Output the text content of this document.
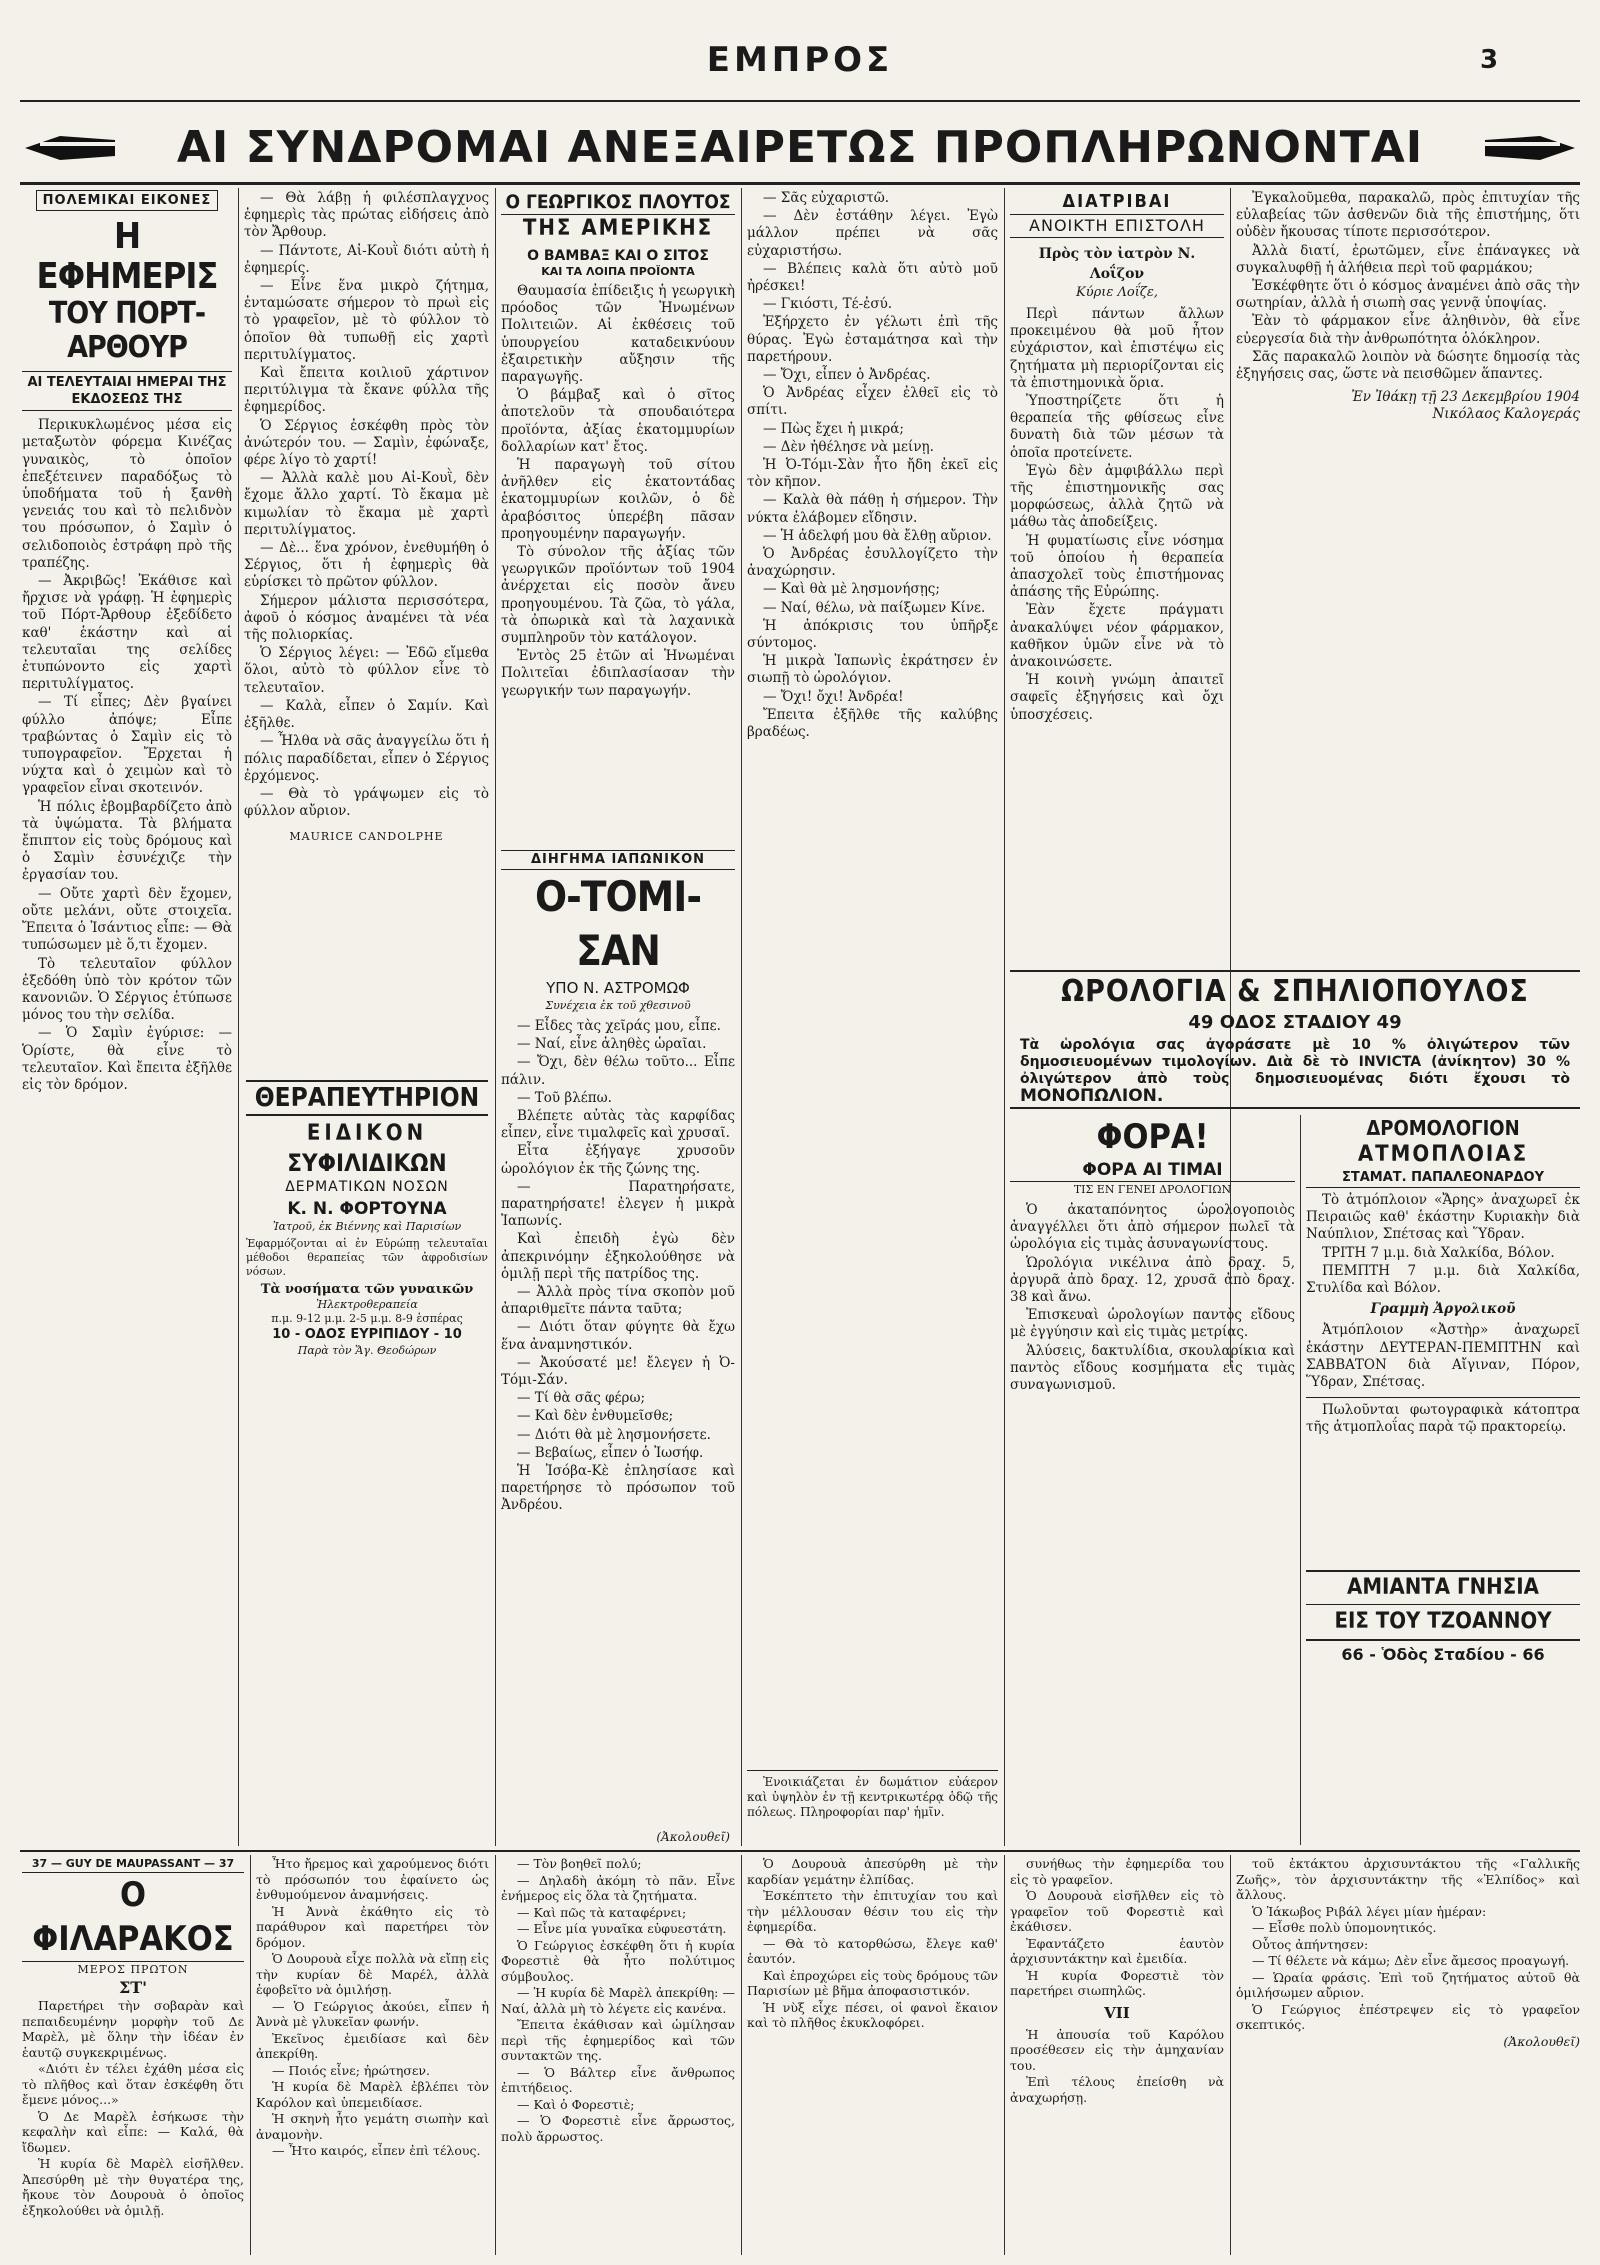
ΕΜΠΡΟΣ	3
ΑΙ ΣΥΝΔΡΟΜΑΙ ΑΝΕΞΑΙΡΕΤΩΣ ΠΡΟΠΛΗΡΩΝΟΝΤΑΙ
ΠΟΛΕΜΙΚΑΙ ΕΙΚΟΝΕΣ
Η ΕΦΗΜΕΡΙΣ
ΤΟΥ ΠΟΡΤ-ΑΡΘΟΥΡ
ΑΙ ΤΕΛΕΥΤΑΙΑΙ ΗΜΕΡΑΙ ΤΗΣ ΕΚΔΟΣΕΩΣ ΤΗΣ

Περικυκλωμένος μέσα εἰς μεταξωτὸν φόρεμα Κινέζας γυναικὸς, τὸ ὁποῖον ἐπεξέτεινεν παραδόξως τὸ ὑποδήματα τοῦ ἡ ξανθὴ γενειάς του καὶ τὸ πελιδνὸν του πρόσωπον, ὁ Σαμὶν ὁ σελιδοποιὸς ἐστράφη πρὸ τῆς τραπέζης.

— Ἀκριβῶς! Ἐκάθισε καὶ ἤρχισε νὰ γράφῃ. Ἡ ἐφημερὶς τοῦ Πόρτ-Ἄρθουρ ἐξεδίδετο καθ' ἑκάστην καὶ αἱ τελευταῖαι της σελίδες ἐτυπώνοντο εἰς χαρτὶ περιτυλίγματος.

— Τί εἶπες; Δὲν βγαίνει φύλλο ἀπόψε; Εἶπε τραβώντας ὁ Σαμὶν εἰς τὸ τυπογραφεῖον. Ἔρχεται ἡ νύχτα καὶ ὁ χειμὼν καὶ τὸ γραφεῖον εἶναι σκοτεινόν.

Ἡ πόλις ἐβομβαρδίζετο ἀπὸ τὰ ὑψώματα. Τὰ βλήματα ἔπιπτον εἰς τοὺς δρόμους καὶ ὁ Σαμὶν ἐσυνέχιζε τὴν ἐργασίαν του.

— Οὔτε χαρτὶ δὲν ἔχομεν, οὔτε μελάνι, οὔτε στοιχεῖα. Ἔπειτα ὁ Ἰσάντιος εἶπε: — Θὰ τυπώσωμεν μὲ ὅ,τι ἔχομεν.

Τὸ τελευταῖον φύλλον ἐξεδόθη ὑπὸ τὸν κρότον τῶν κανονιῶν. Ὁ Σέργιος ἐτύπωσε μόνος του τὴν σελίδα.

— Ὁ Σαμὶν ἐγύρισε: — Ὁρίστε, θὰ εἶνε τὸ τελευταῖον. Καὶ ἔπειτα ἐξῆλθε εἰς τὸν δρόμον.

— Θὰ λάβῃ ἡ φιλέσπλαγχνος ἐφημερὶς τὰς πρώτας εἰδήσεις ἀπὸ τὸν Ἄρθουρ.

— Πάντοτε, Αἰ-Κουῒ διότι αὐτὴ ἡ ἐφημερίς.

— Εἶνε ἕνα μικρὸ ζήτημα, ἐνταμώσατε σήμερον τὸ πρωὶ εἰς τὸ γραφεῖον, μὲ τὸ φύλλον τὸ ὁποῖον θὰ τυπωθῇ εἰς χαρτὶ περιτυλίγματος.

Καὶ ἔπειτα κοιλιοῦ χάρτινον περιτύλιγμα τὰ ἔκανε φύλλα τῆς ἐφημερίδος.

Ὁ Σέργιος ἐσκέφθη πρὸς τὸν ἀνώτερόν του. — Σαμὶν, ἐφώναξε, φέρε λίγο τὸ χαρτί!

— Ἀλλὰ καλὲ μου Αἰ-Κουῒ, δὲν ἔχομε ἄλλο χαρτί. Τὸ ἔκαμα μὲ κιμωλίαν τὸ ἔκαμα μὲ χαρτὶ περιτυλίγματος.

— Δὲ... ἕνα χρόνον, ἐνεθυμήθη ὁ Σέργιος, ὅτι ἡ ἐφημερὶς θὰ εὑρίσκει τὸ πρῶτον φύλλον.

Σήμερον μάλιστα περισσότερα, ἀφοῦ ὁ κόσμος ἀναμένει τὰ νέα τῆς πολιορκίας.

Ὁ Σέργιος λέγει: — Ἐδῶ εἴμεθα ὅλοι, αὐτὸ τὸ φύλλον εἶνε τὸ τελευταῖον.

— Καλὰ, εἶπεν ὁ Σαμίν. Καὶ ἐξῆλθε.

— Ἦλθα νὰ σᾶς ἀναγγείλω ὅτι ἡ πόλις παραδίδεται, εἶπεν ὁ Σέργιος ἐρχόμενος.

— Θὰ τὸ γράψωμεν εἰς τὸ φύλλον αὔριον.

MAURICE CANDOLPHE
ΘΕΡΑΠΕΥΤΗΡΙΟΝ
ΕΙΔΙΚΟΝ
ΣΥΦΙΛΙΔΙΚΩΝ
ΔΕΡΜΑΤΙΚΩΝ ΝΟΣΩΝ
Κ. Ν. ΦΟΡΤΟΥΝΑ
Ἰατροῦ, ἐκ Βιέννης καὶ Παρισίων
Ἐφαρμόζονται αἱ ἐν Εὐρώπῃ τελευταῖαι μέθοδοι θεραπείας τῶν ἀφροδισίων νόσων.
Τὰ νοσήματα τῶν γυναικῶν
Ἠλεκτροθεραπεία
π.μ. 9-12 μ.μ. 2-5 μ.μ. 8-9 ἑσπέρας
10 - ΟΔΟΣ ΕΥΡΙΠΙΔΟΥ - 10
Παρὰ τὸν Ἅγ. Θεοδώρων
Ο ΓΕΩΡΓΙΚΟΣ ΠΛΟΥΤΟΣ
ΤΗΣ ΑΜΕΡΙΚΗΣ
Ο ΒΑΜΒΑΞ ΚΑΙ Ο ΣΙΤΟΣ
ΚΑΙ ΤΑ ΛΟΙΠΑ ΠΡΟΪΟΝΤΑ

Θαυμασία ἐπίδειξις ἡ γεωργικὴ πρόοδος τῶν Ἡνωμένων Πολιτειῶν. Αἱ ἐκθέσεις τοῦ ὑπουργείου καταδεικνύουν ἐξαιρετικὴν αὔξησιν τῆς παραγωγῆς.

Ὁ βάμβαξ καὶ ὁ σῖτος ἀποτελοῦν τὰ σπουδαιότερα προϊόντα, ἀξίας ἑκατομμυρίων δολλαρίων κατ' ἔτος.

Ἡ παραγωγὴ τοῦ σίτου ἀνῆλθεν εἰς ἑκατοντάδας ἑκατομμυρίων κοιλῶν, ὁ δὲ ἀραβόσιτος ὑπερέβη πᾶσαν προηγουμένην παραγωγήν.

Τὸ σύνολον τῆς ἀξίας τῶν γεωργικῶν προϊόντων τοῦ 1904 ἀνέρχεται εἰς ποσὸν ἄνευ προηγουμένου. Τὰ ζῶα, τὸ γάλα, τὰ ὀπωρικὰ καὶ τὰ λαχανικὰ συμπληροῦν τὸν κατάλογον.

Ἐντὸς 25 ἐτῶν αἱ Ἡνωμέναι Πολιτεῖαι ἐδιπλασίασαν τὴν γεωργικήν των παραγωγήν.

ΔΙΗΓΗΜΑ ΙΑΠΩΝΙΚΟΝ
Ο-ΤΟΜΙ-ΣΑΝ
ΥΠΟ Ν. ΑΣΤΡΟΜΩΦ
Συνέχεια ἐκ τοῦ χθεσινοῦ

— Εἶδες τὰς χεῖράς μου, εἶπε.

— Ναί, εἶνε ἀληθὲς ὡραῖαι.

— Ὄχι, δὲν θέλω τοῦτο... Εἶπε πάλιν.

— Τοῦ βλέπω.

Βλέπετε αὐτὰς τὰς καρφίδας εἶπεν, εἶνε τιμαλφεῖς καὶ χρυσαῖ.

Εἶτα ἐξήγαγε χρυσοῦν ὡρολόγιον ἐκ τῆς ζώνης της.

— Παρατηρήσατε, παρατηρήσατε! ἐλεγεν ἡ μικρὰ Ἰαπωνίς.

Καὶ ἐπειδὴ ἐγὼ δὲν ἀπεκρινόμην ἐξηκολούθησε νὰ ὁμιλῇ περὶ τῆς πατρίδος της.

— Ἀλλὰ πρὸς τίνα σκοπὸν μοῦ ἀπαριθμεῖτε πάντα ταῦτα;

— Διότι ὅταν φύγητε θὰ ἔχω ἕνα ἀναμνηστικόν.

— Ἀκούσατέ με! ἔλεγεν ἡ Ὀ-Τόμι-Σάν.

— Τί θὰ σᾶς φέρω;

— Καὶ δὲν ἐνθυμεῖσθε;

— Διότι θὰ μὲ λησμονήσετε.

— Βεβαίως, εἶπεν ὁ Ἰωσήφ.

Ἡ Ἰσόβα-Κὲ ἐπλησίασε καὶ παρετήρησε τὸ πρόσωπον τοῦ Ἀνδρέου.

— Σᾶς εὐχαριστῶ.

— Δὲν ἐστάθην λέγει. Ἐγὼ μάλλον πρέπει νὰ σᾶς εὐχαριστήσω.

— Βλέπεις καλὰ ὅτι αὐτὸ μοῦ ἠρέσκει!

— Γκιόστι, Τέ-ἐσύ.

Ἐξήρχετο ἐν γέλωτι ἐπὶ τῆς θύρας. Ἐγὼ ἐσταμάτησα καὶ τὴν παρετήρουν.

— Ὄχι, εἶπεν ὁ Ἀνδρέας.

Ὁ Ἀνδρέας εἶχεν ἐλθεῖ εἰς τὸ σπίτι.

— Πὼς ἔχει ἡ μικρά;

— Δὲν ἠθέλησε νὰ μείνῃ.

Ἡ Ὀ-Τόμι-Σὰν ἦτο ἤδη ἐκεῖ εἰς τὸν κῆπον.

— Καλὰ θὰ πάθῃ ἡ σήμερον. Τὴν νύκτα ἐλάβομεν εἴδησιν.

— Ἡ ἀδελφή μου θὰ ἔλθῃ αὔριον.

Ὁ Ἀνδρέας ἐσυλλογίζετο τὴν ἀναχώρησιν.

— Καὶ θὰ μὲ λησμονήσῃς;

— Ναί, θέλω, νὰ παίξωμεν Κίνε.

Ἡ ἀπόκρισις του ὑπῆρξε σύντομος.

Ἡ μικρὰ Ἰαπωνὶς ἐκράτησεν ἐν σιωπῇ τὸ ὡρολόγιον.

— Ὄχι! ὄχι! Ἀνδρέα!

Ἔπειτα ἐξῆλθε τῆς καλύβης βραδέως.

Ἐνοικιάζεται ἐν δωμάτιον εὐάερον καὶ ὑψηλὸν ἐν τῇ κεντρικωτέρᾳ ὁδῷ τῆς πόλεως. Πληροφορίαι παρ' ἡμῖν.

ΔΙΑΤΡΙΒΑΙ
ΑΝΟΙΚΤΗ ΕΠΙΣΤΟΛΗ
Πρὸς τὸν ἰατρὸν Ν. Λοΐζον
Κύριε Λοΐζε,

Περὶ πάντων ἄλλων προκειμένου θὰ μοῦ ἦτον εὐχάριστον, καὶ ἐπιστέψω εἰς ζητήματα μὴ περιορίζονται εἰς τὰ ἐπιστημονικὰ ὅρια.

Ὑποστηρίζετε ὅτι ἡ θεραπεία τῆς φθίσεως εἶνε δυνατὴ διὰ τῶν μέσων τὰ ὁποῖα προτείνετε.

Ἐγὼ δὲν ἀμφιβάλλω περὶ τῆς ἐπιστημονικῆς σας μορφώσεως, ἀλλὰ ζητῶ νὰ μάθω τὰς ἀποδείξεις.

Ἡ φυματίωσις εἶνε νόσημα τοῦ ὁποίου ἡ θεραπεία ἀπασχολεῖ τοὺς ἐπιστήμονας ἁπάσης τῆς Εὐρώπης.

Ἐὰν ἔχετε πράγματι ἀνακαλύψει νέον φάρμακον, καθῆκον ὑμῶν εἶνε νὰ τὸ ἀνακοινώσετε.

Ἡ κοινὴ γνώμη ἀπαιτεῖ σαφεῖς ἐξηγήσεις καὶ ὄχι ὑποσχέσεις.

Ἐγκαλοῦμεθα, παρακαλῶ, πρὸς ἐπιτυχίαν τῆς εὐλαβείας τῶν ἀσθενῶν διὰ τῆς ἐπιστήμης, ὅτι οὐδὲν ἤκουσας τίποτε περισσότερον.

Ἀλλὰ διατί, ἐρωτῶμεν, εἶνε ἐπάναγκες νὰ συγκαλυφθῇ ἡ ἀλήθεια περὶ τοῦ φαρμάκου;

Ἐσκέφθητε ὅτι ὁ κόσμος ἀναμένει ἀπὸ σᾶς τὴν σωτηρίαν, ἀλλὰ ἡ σιωπὴ σας γεννᾷ ὑποψίας.

Ἐὰν τὸ φάρμακον εἶνε ἀληθινὸν, θὰ εἶνε εὐεργεσία διὰ τὴν ἀνθρωπότητα ὁλόκληρον.

Σᾶς παρακαλῶ λοιπὸν νὰ δώσητε δημοσίᾳ τὰς ἐξηγήσεις σας, ὥστε νὰ πεισθῶμεν ἅπαντες.

Ἐν Ἰθάκῃ τῇ 23 Δεκεμβρίου 1904
Νικόλαος Καλογεράς
ΩΡΟΛΟΓΙΑ & ΣΠΗΛΙΟΠΟΥΛΟΣ
49 ΟΔΟΣ ΣΤΑΔΙΟΥ 49
Τὰ ὡρολόγια σας ἀγοράσατε μὲ 10 % ὀλιγώτερον τῶν δημοσιευομένων τιμολογίων. Διὰ δὲ τὸ INVICTA (ἀνίκητον) 30 % ὀλιγώτερον ἀπὸ τοὺς δημοσιευομένας διότι ἔχουσι τὸ ΜΟΝΟΠΩΛΙΟΝ.
ΦΟΡΑ!
ΦΟΡΑ ΑΙ ΤΙΜΑΙ
ΤΙΣ ΕΝ ΓΕΝΕΙ ΔΡΟΛΟΓΙΩΝ

Ὁ ἀκαταπόνητος ὡρολογοποιὸς ἀναγγέλλει ὅτι ἀπὸ σήμερον πωλεῖ τὰ ὡρολόγια εἰς τιμὰς ἀσυναγωνίστους.

Ὡρολόγια νικέλινα ἀπὸ δραχ. 5, ἀργυρᾶ ἀπὸ δραχ. 12, χρυσᾶ ἀπὸ δραχ. 38 καὶ ἄνω.

Ἐπισκευαὶ ὡρολογίων παντὸς εἴδους μὲ ἐγγύησιν καὶ εἰς τιμὰς μετρίας.

Ἁλύσεις, δακτυλίδια, σκουλαρίκια καὶ παντὸς εἴδους κοσμήματα εἰς τιμὰς συναγωνισμοῦ.

ΔΡΟΜΟΛΟΓΙΟΝ
ΑΤΜΟΠΛΟΙΑΣ
ΣΤΑΜΑΤ. ΠΑΠΑΛΕΟΝΑΡΔΟΥ

Τὸ ἀτμόπλοιον «Ἄρης» ἀναχωρεῖ ἐκ Πειραιῶς καθ' ἑκάστην Κυριακὴν διὰ Ναύπλιον, Σπέτσας καὶ Ὕδραν.

ΤΡΙΤΗ 7 μ.μ. διὰ Χαλκίδα, Βόλον.

ΠΕΜΠΤΗ 7 μ.μ. διὰ Χαλκίδα, Στυλίδα καὶ Βόλον.

Γραμμὴ Ἀργολικοῦ

Ἀτμόπλοιον «Ἀστὴρ» ἀναχωρεῖ ἑκάστην ΔΕΥΤΕΡΑΝ-ΠΕΜΠΤΗΝ καὶ ΣΑΒΒΑΤΟΝ διὰ Αἴγιναν, Πόρον, Ὕδραν, Σπέτσας.

Πωλοῦνται φωτογραφικὰ κάτοπτρα τῆς ἀτμοπλοΐας παρὰ τῷ πρακτορείῳ.

ΑΜΙΑΝΤΑ ΓΝΗΣΙΑ
ΕΙΣ ΤΟΥ ΤΖΟΑΝΝΟΥ
66 - Ὁδὸς Σταδίου - 66
37 — GUY DE MAUPASSANT — 37
Ο ΦΙΛΑΡΑΚΟΣ
ΜΕΡΟΣ ΠΡΩΤΟΝ
ΣΤ'

Παρετήρει τὴν σοβαρὰν καὶ πεπαιδευμένην μορφὴν τοῦ Δε Μαρὲλ, μὲ ὅλην τὴν ἰδέαν ἐν ἑαυτῷ συγκεκριμένως.

«Διότι ἐν τέλει ἐχάθη μέσα εἰς τὸ πλῆθος καὶ ὅταν ἐσκέφθη ὅτι ἔμενε μόνος...»

Ὁ Δε Μαρὲλ ἐσήκωσε τὴν κεφαλὴν καὶ εἶπε: — Καλά, θὰ ἴδωμεν.

Ἡ κυρία δὲ Μαρὲλ εἰσῆλθεν. Ἀπεσύρθη μὲ τὴν θυγατέρα της, ἤκουε τὸν Δουρουὰ ὁ ὁποῖος ἐξηκολούθει νὰ ὁμιλῇ.

Ἦτο ἤρεμος καὶ χαρούμενος διότι τὸ πρόσωπόν του ἐφαίνετο ὡς ἐνθυμούμενον ἀναμνήσεις.

Ἡ Ἀννὰ ἐκάθητο εἰς τὸ παράθυρον καὶ παρετήρει τὸν δρόμον.

Ὁ Δουρουὰ εἶχε πολλὰ νὰ εἴπῃ εἰς τὴν κυρίαν δὲ Μαρέλ, ἀλλὰ ἐφοβεῖτο νὰ ὁμιλήσῃ.

— Ὁ Γεώργιος ἀκούει, εἶπεν ἡ Ἀννὰ μὲ γλυκεῖαν φωνήν.

Ἐκεῖνος ἐμειδίασε καὶ δὲν ἀπεκρίθη.

— Ποιός εἶνε; ἠρώτησεν.

Ἡ κυρία δὲ Μαρὲλ ἐβλέπει τὸν Καρόλον καὶ ὑπεμειδίασε.

Ἡ σκηνὴ ἦτο γεμάτη σιωπὴν καὶ ἀναμονὴν.

— Ἦτο καιρός, εἶπεν ἐπὶ τέλους.

— Τὸν βοηθεῖ πολύ;

— Δηλαδὴ ἀκόμη τὸ πᾶν. Εἶνε ἐνήμερος εἰς ὅλα τὰ ζητήματα.

— Καὶ πῶς τὰ καταφέρνει;

— Εἶνε μία γυναῖκα εὐφυεστάτη.

Ὁ Γεώργιος ἐσκέφθη ὅτι ἡ κυρία Φορεστιὲ θὰ ἦτο πολύτιμος σύμβουλος.

— Ἡ κυρία δὲ Μαρὲλ ἀπεκρίθη: — Ναί, ἀλλὰ μὴ τὸ λέγετε εἰς κανένα.

Ἔπειτα ἐκάθισαν καὶ ὡμίλησαν περὶ τῆς ἐφημερίδος καὶ τῶν συντακτῶν της.

— Ὁ Βάλτερ εἶνε ἄνθρωπος ἐπιτήδειος.

— Καὶ ὁ Φορεστιὲ;

— Ὁ Φορεστιὲ εἶνε ἄρρωστος, πολὺ ἄρρωστος.

Ὁ Δουρουὰ ἀπεσύρθη μὲ τὴν καρδίαν γεμάτην ἐλπίδας.

Ἐσκέπτετο τὴν ἐπιτυχίαν του καὶ τὴν μέλλουσαν θέσιν του εἰς τὴν ἐφημερίδα.

— Θὰ τὸ κατορθώσω, ἔλεγε καθ' ἑαυτόν.

Καὶ ἐπροχώρει εἰς τοὺς δρόμους τῶν Παρισίων μὲ βῆμα ἀποφασιστικόν.

Ἡ νὺξ εἶχε πέσει, οἱ φανοὶ ἔκαιον καὶ τὸ πλῆθος ἐκυκλοφόρει.

συνήθως τὴν ἐφημερίδα του εἰς τὸ γραφεῖον.

Ὁ Δουρουὰ εἰσῆλθεν εἰς τὸ γραφεῖον τοῦ Φορεστιὲ καὶ ἐκάθισεν.

Ἐφαντάζετο ἑαυτὸν ἀρχισυντάκτην καὶ ἐμειδία.

Ἡ κυρία Φορεστιὲ τὸν παρετήρει σιωπηλῶς.

VII

Ἡ ἀπουσία τοῦ Καρόλου προσέθεσεν εἰς τὴν ἀμηχανίαν του.

Ἐπὶ τέλους ἐπείσθη νὰ ἀναχωρήσῃ.

τοῦ ἐκτάκτου ἀρχισυντάκτου τῆς «Γαλλικῆς Ζωῆς», τὸν ἀρχισυντάκτην τῆς «Ἐλπίδος» καὶ ἄλλους.

Ὁ Ἰάκωβος Ριβάλ λέγει μίαν ἡμέραν:

— Εἶσθε πολὺ ὑπομονητικός.

Οὗτος ἀπήντησεν:

— Τί θέλετε νὰ κάμω; Δὲν εἶνε ἄμεσος προαγωγή.

— Ὡραία φράσις. Ἐπὶ τοῦ ζητήματος αὐτοῦ θὰ ὁμιλήσωμεν αὔριον.

Ὁ Γεώργιος ἐπέστρεψεν εἰς τὸ γραφεῖον σκεπτικός.

(Ἀκολουθεῖ)
(Ἀκολουθεῖ)
